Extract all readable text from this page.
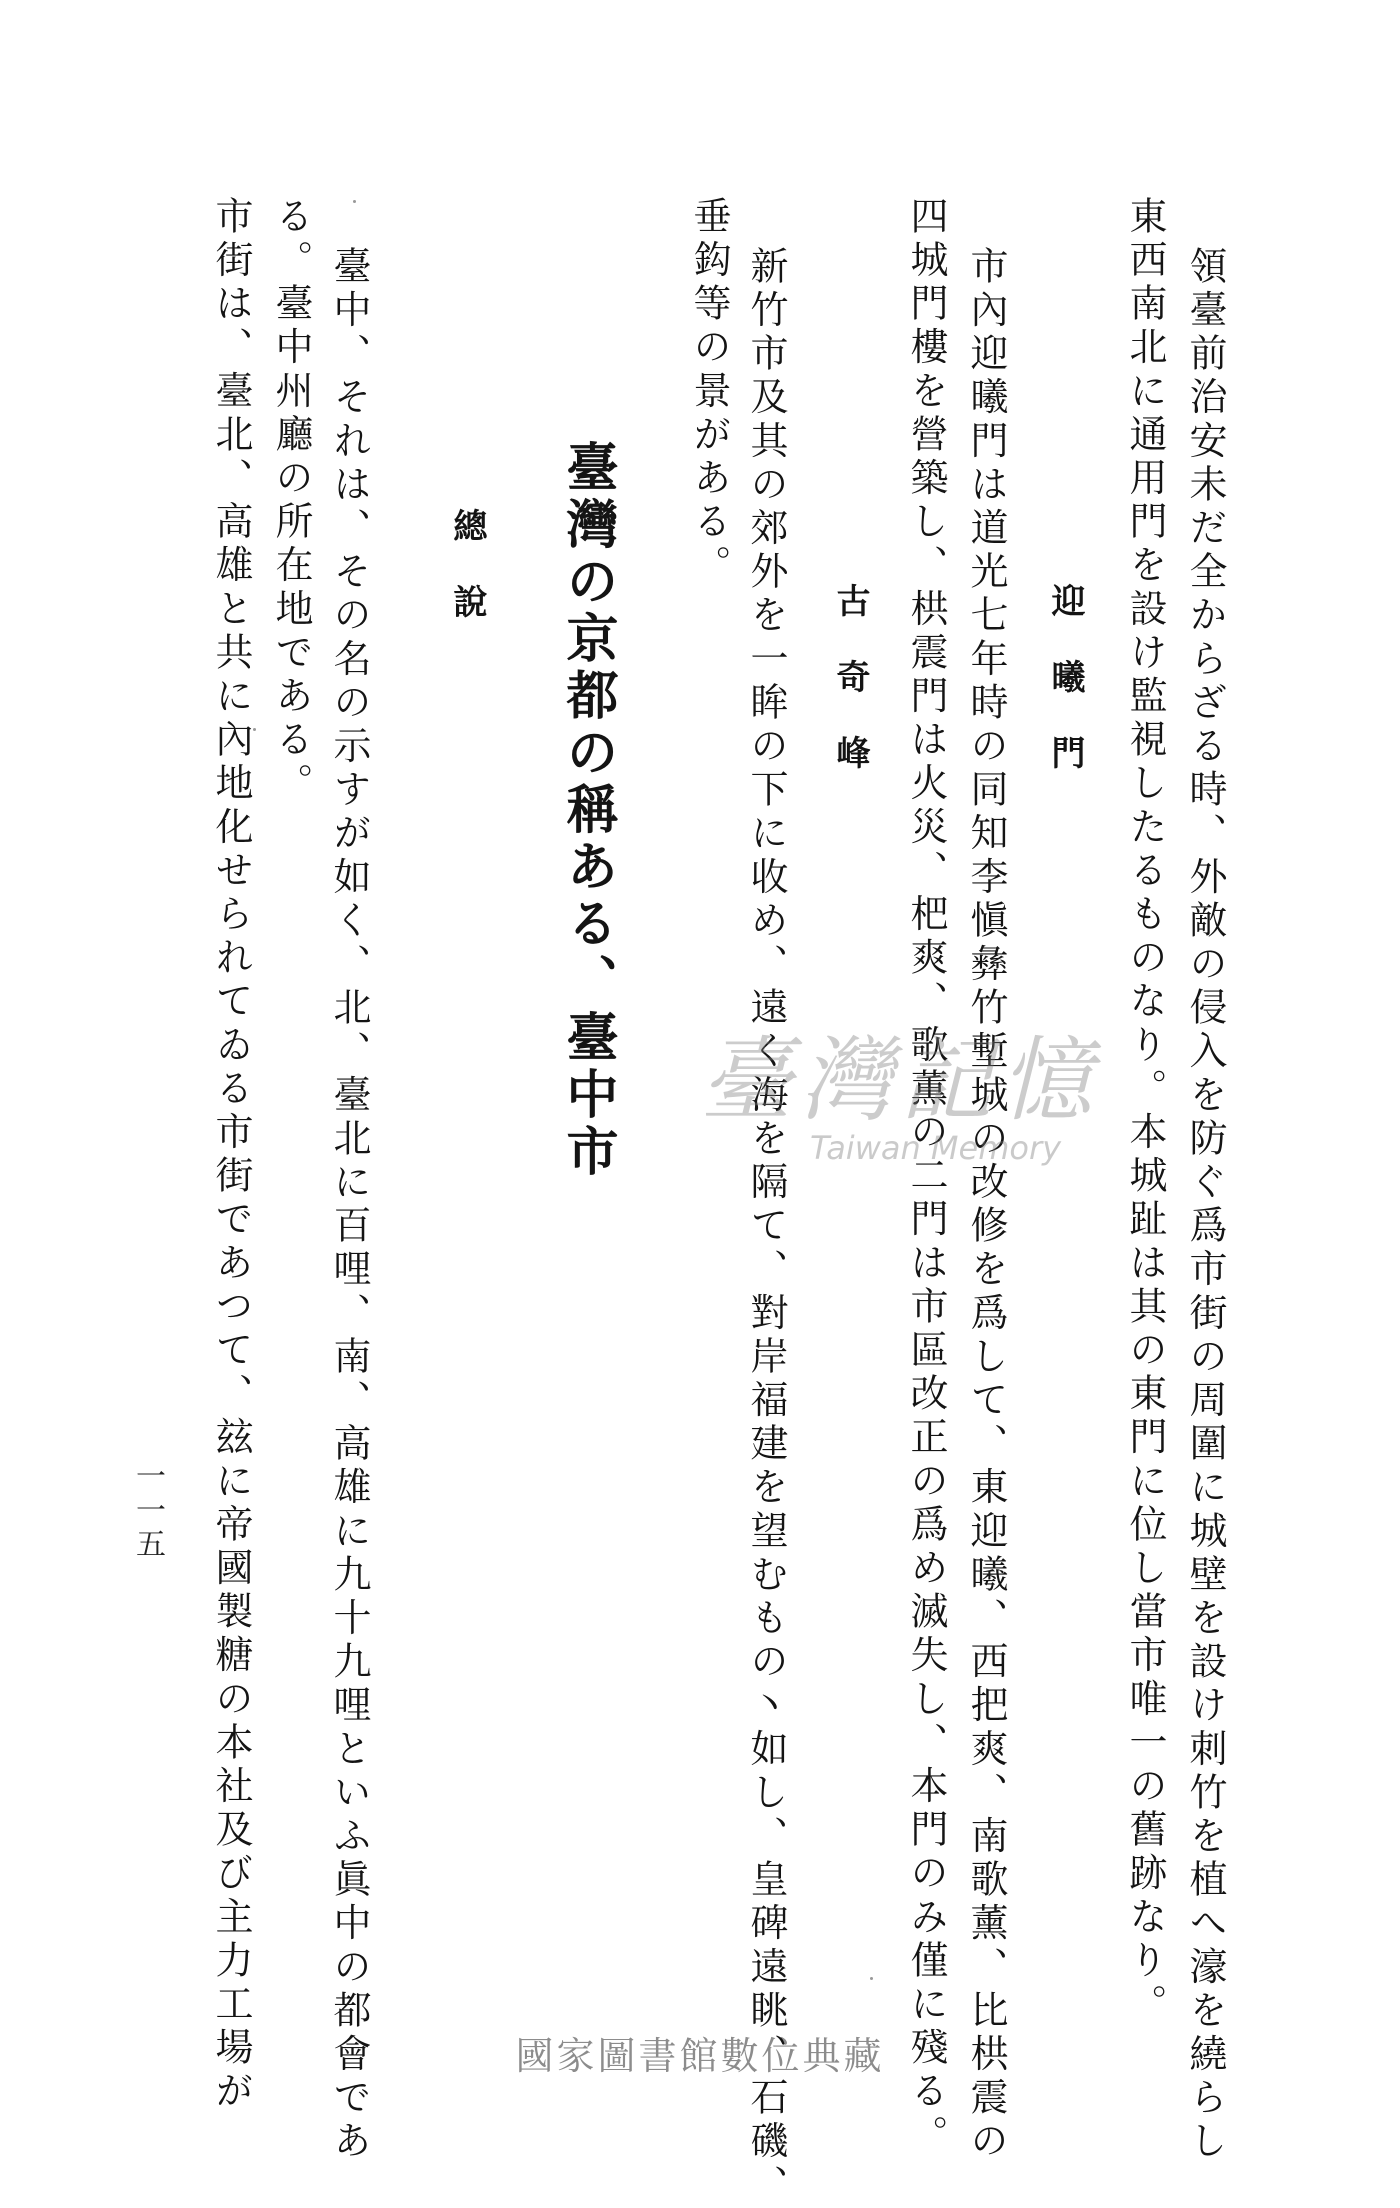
領臺前治安未だ全からざる時、外敵の侵入を防ぐ爲市街の周圍に城壁を設け刺竹を植へ濠を繞らし
東西南北に通用門を設け監視したるものなり。本城趾は其の東門に位し當市唯一の舊跡なり。
迎曦門
市內迎曦門は道光七年時の同知李愼彝竹塹城の改修を爲して、東迎曦、西把爽、南歌薰、比栱震の
四城門樓を營築し、栱震門は火災、杷爽、歌薫の二門は市區改正の爲め滅失し、本門のみ僅に殘る。
古奇峰
新竹市及其の郊外を一眸の下に收め、遠く海を隔て、對岸福建を望むもの丶如し、皇碑遠眺、石磯、
垂鈎等の景がある。
臺灣の京都の稱ある、臺中市
總說
臺中、それは、その名の示すが如く、北、臺北に百哩、南、高雄に九十九哩といふ眞中の都會であ
る。臺中州廳の所在地である。
市街は、臺北、高雄と共に內地化せられてゐる市街であつて、玆に帝國製糖の本社及び主力工場が
一一五
臺灣記憶
Taiwan Memory
國家圖書館數位典藏
